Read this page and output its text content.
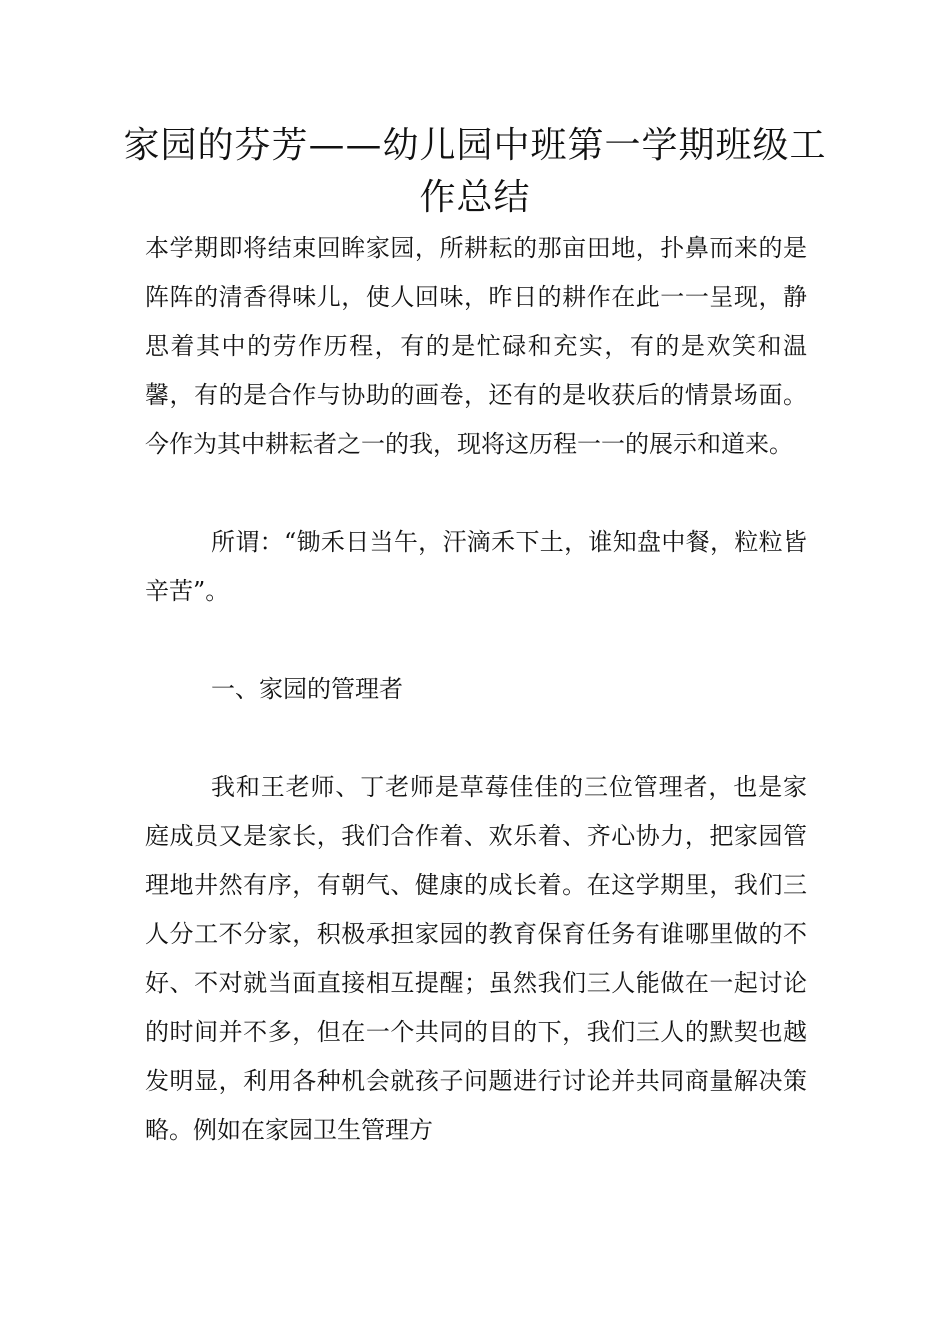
家园的芬芳——幼儿园中班第一学期班级工作总结

本学期即将结束回眸家园，所耕耘的那亩田地，扑鼻而来的是阵阵的清香得味儿，使人回味，昨日的耕作在此一一呈现，静思着其中的劳作历程，有的是忙碌和充实，有的是欢笑和温馨，有的是合作与协助的画卷，还有的是收获后的情景场面。今作为其中耕耘者之一的我，现将这历程一一的展示和道来。

所谓：“锄禾日当午，汗滴禾下土，谁知盘中餐，粒粒皆辛苦”。

一、家园的管理者

我和王老师、丁老师是草莓佳佳的三位管理者，也是家庭成员又是家长，我们合作着、欢乐着、齐心协力，把家园管理地井然有序，有朝气、健康的成长着。在这学期里，我们三人分工不分家，积极承担家园的教育保育任务有谁哪里做的不好、不对就当面直接相互提醒；虽然我们三人能做在一起讨论的时间并不多，但在一个共同的目的下，我们三人的默契也越发明显，利用各种机会就孩子问题进行讨论并共同商量解决策略。例如在家园卫生管理方
